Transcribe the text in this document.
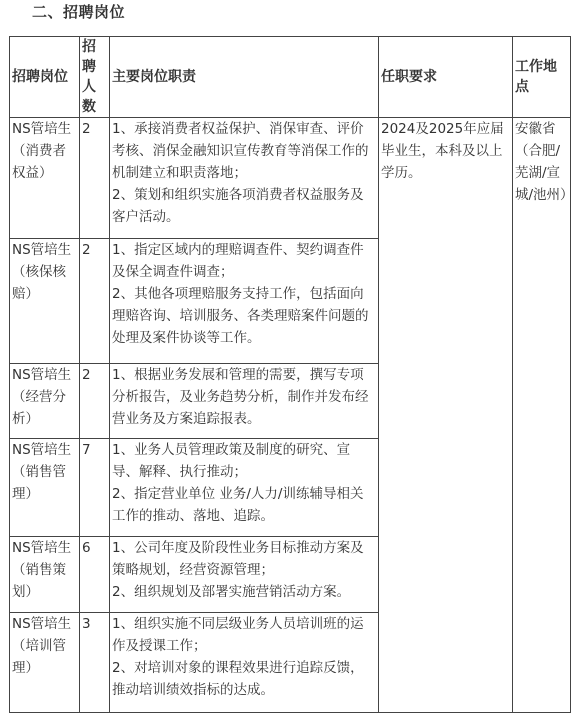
二、招聘岗位
招聘岗位	招聘人数	主要岗位职责	任职要求	工作地点
NS管培生（消费者权益）	2	1、承接消费者权益保护、消保审查、评价考核、消保金融知识宣传教育等消保工作的机制建立和职责落地；
2、策划和组织实施各项消费者权益服务及客户活动。	2024及2025年应届毕业生，本科及以上学历。	安徽省（合肥/芜湖/宣城/池州）
NS管培生（核保核赔）	2	1、指定区域内的理赔调查件、契约调查件及保全调查件调查；
2、其他各项理赔服务支持工作，包括面向理赔咨询、培训服务、各类理赔案件问题的处理及案件协谈等工作。		

NS管培生（经营分析）	2	1、根据业务发展和管理的需要，撰写专项分析报告，及业务趋势分析，制作并发布经营业务及方案追踪报表。		

NS管培生（销售管理）	7	1、业务人员管理政策及制度的研究、宣导、解释、执行推动；
2、指定营业单位 业务/人力/训练辅导相关工作的推动、落地、追踪。		

NS管培生（销售策划）	6	1、公司年度及阶段性业务目标推动方案及策略规划，经营资源管理；
2、组织规划及部署实施营销活动方案。		

NS管培生（培训管理）	3	1、组织实施不同层级业务人员培训班的运作及授课工作；
2、对培训对象的课程效果进行追踪反馈，推动培训绩效指标的达成。		
